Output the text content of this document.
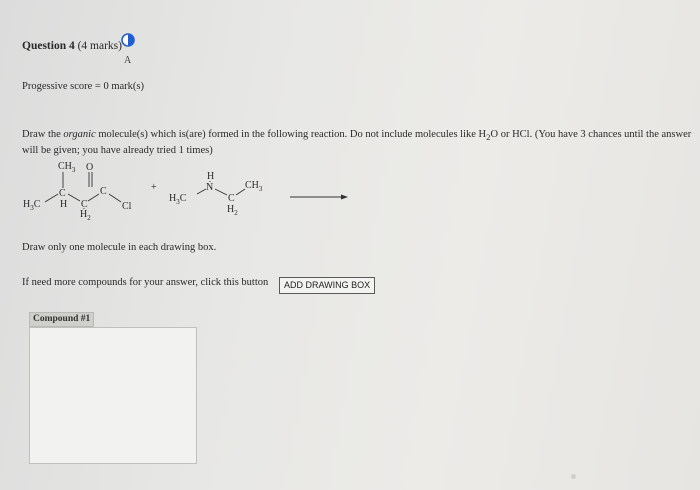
Question 4 (4 marks)
A
Progessive score = 0 mark(s)
Draw the organic molecule(s) which is(are) formed in the following reaction. Do not include molecules like $H_2O$ or HCl. (You have 3 chances until the answer will be given; you have already tried 1 times)
$CH_3$ O
$H_3C$
C
H C
C
$H_2$
Cl
+
H
N
$H_3C$	C
$H_2$
$CH_3$
Draw only one molecule in each drawing box.
If need more compounds for your answer, click this button	ADD DRAWING BOX
Compound #1
